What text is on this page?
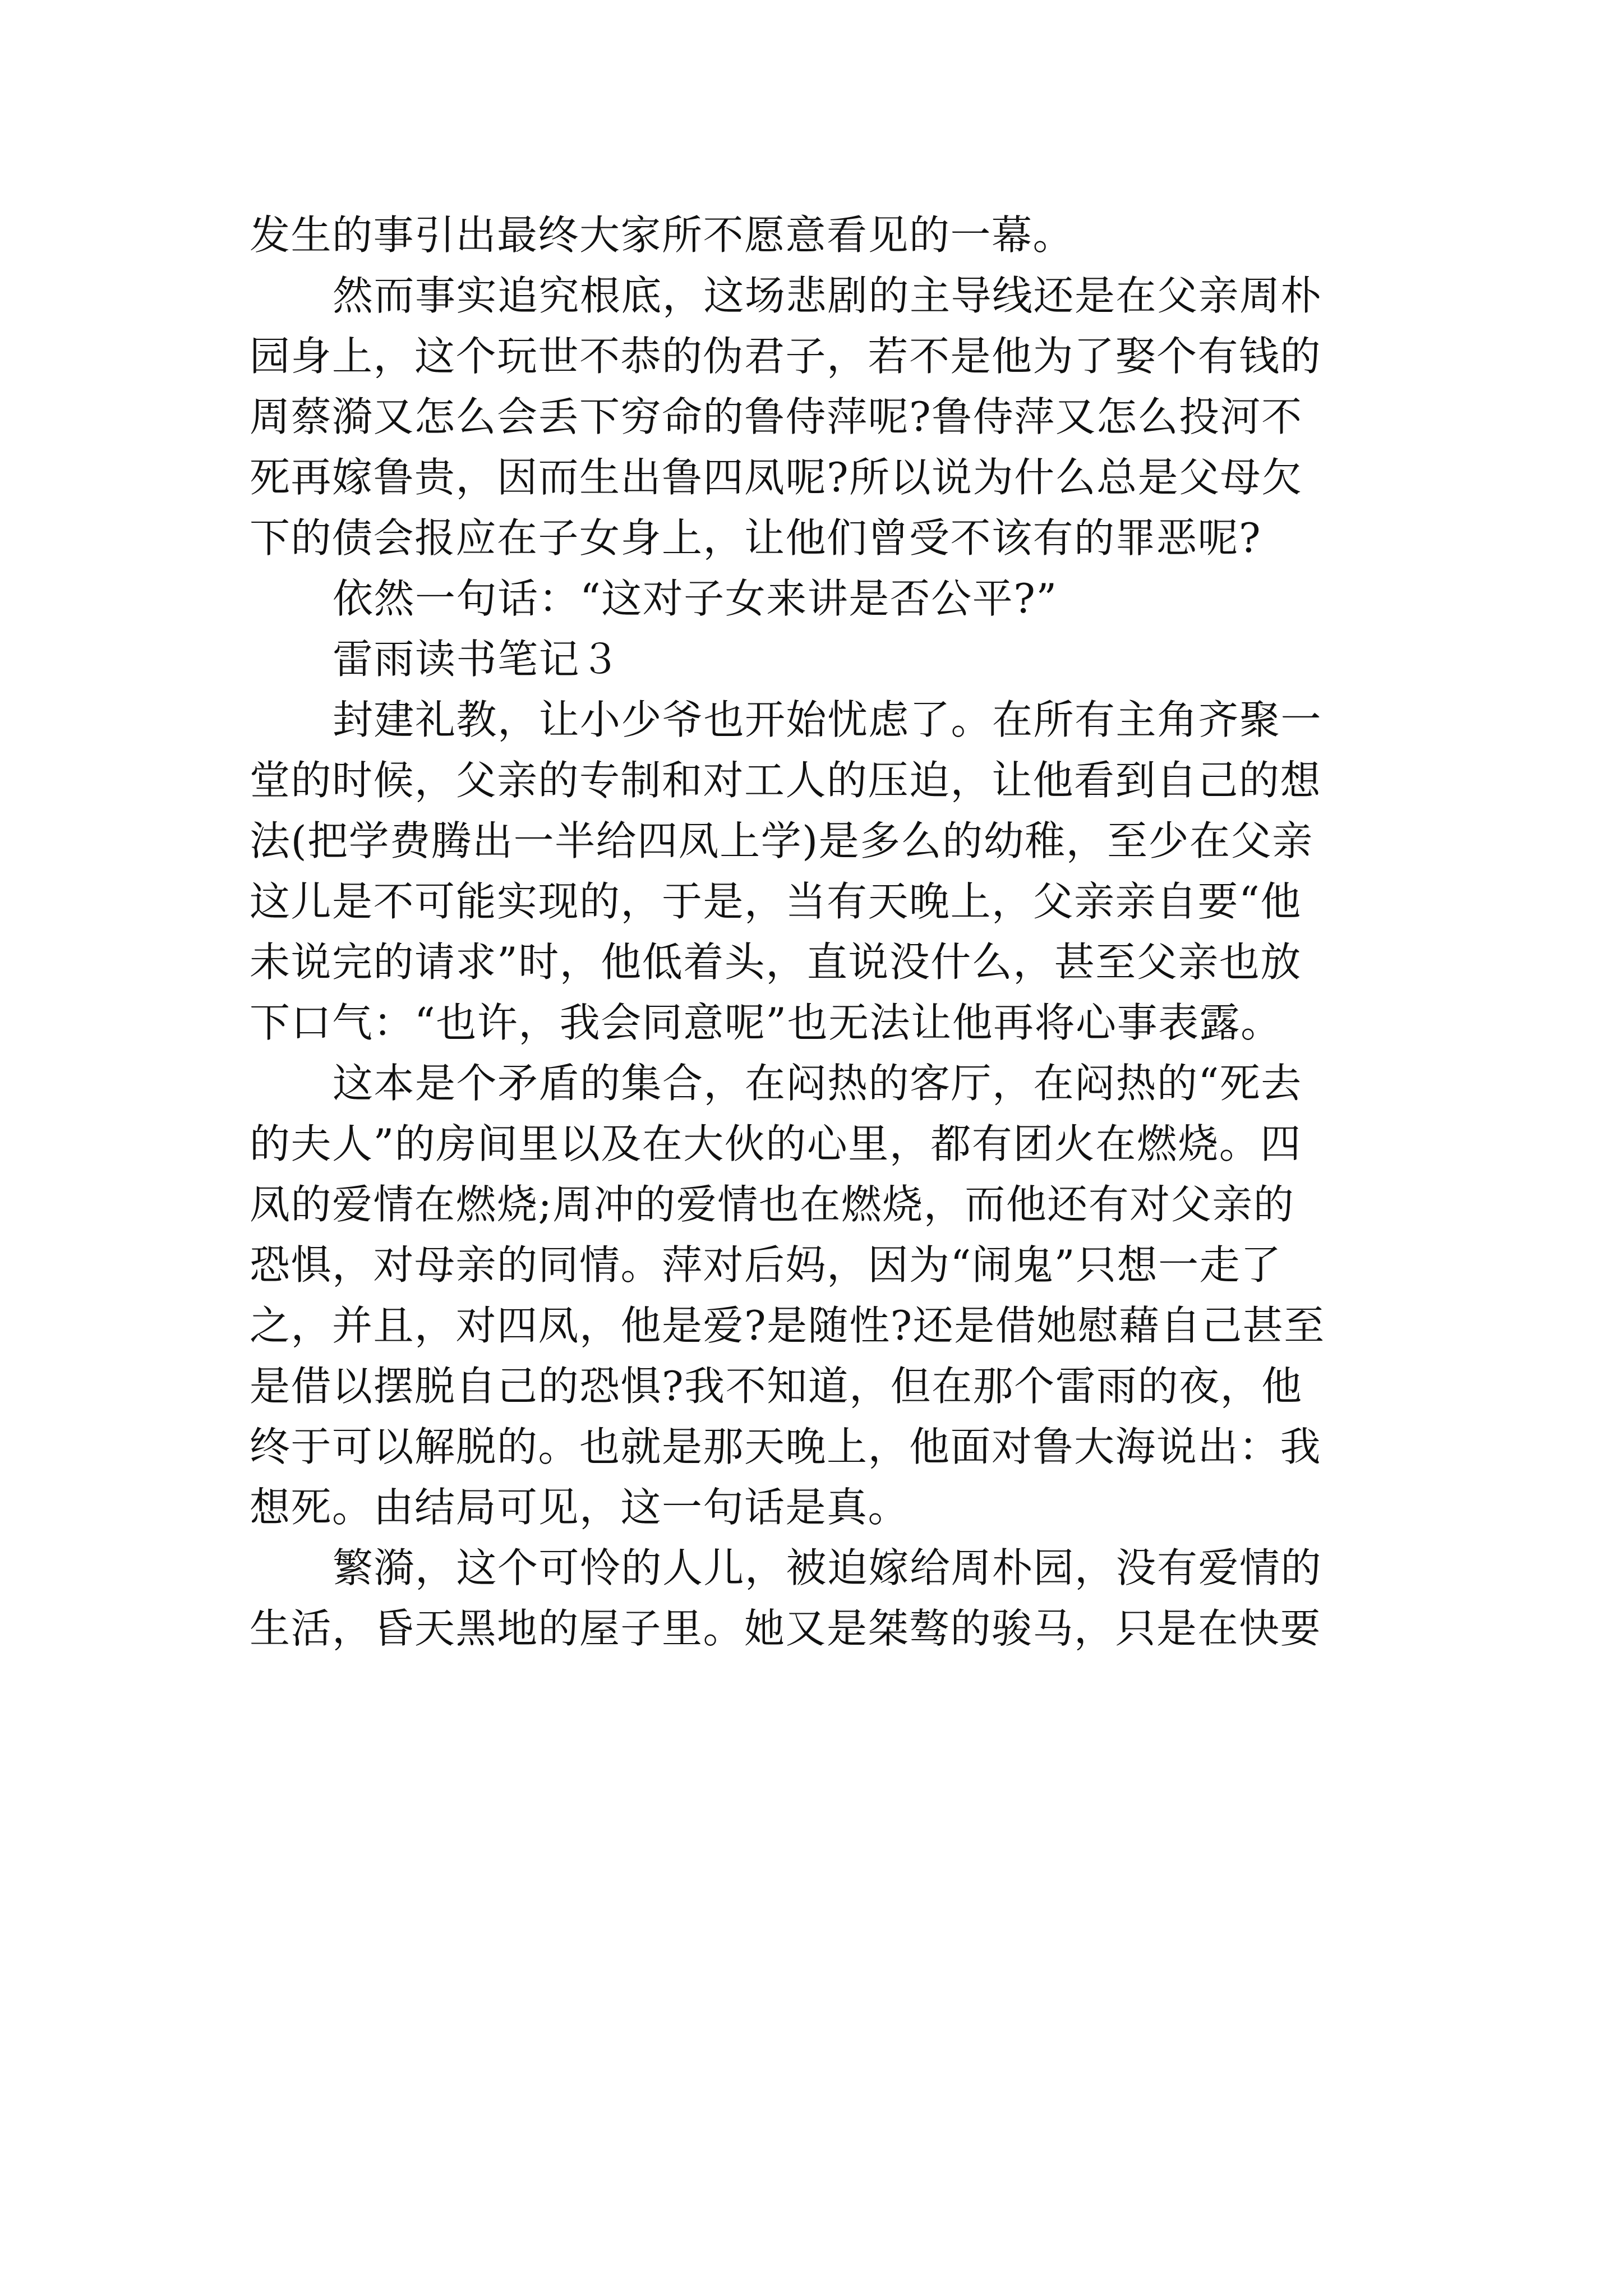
发生的事引出最终大家所不愿意看见的一幕。
然而事实追究根底，这场悲剧的主导线还是在父亲周朴
园身上，这个玩世不恭的伪君子，若不是他为了娶个有钱的
周蔡漪又怎么会丢下穷命的鲁侍萍呢?鲁侍萍又怎么投河不
死再嫁鲁贵，因而生出鲁四凤呢?所以说为什么总是父母欠
下的债会报应在子女身上，让他们曾受不该有的罪恶呢?
依然一句话：“这对子女来讲是否公平?”
雷雨读书笔记３
封建礼教，让小少爷也开始忧虑了。在所有主角齐聚一
堂的时候，父亲的专制和对工人的压迫，让他看到自己的想
法(把学费腾出一半给四凤上学)是多么的幼稚，至少在父亲
这儿是不可能实现的，于是，当有天晚上，父亲亲自要“他
未说完的请求”时，他低着头，直说没什么，甚至父亲也放
下口气：“也许，我会同意呢”也无法让他再将心事表露。
这本是个矛盾的集合，在闷热的客厅，在闷热的“死去
的夫人”的房间里以及在大伙的心里，都有团火在燃烧。四
凤的爱情在燃烧;周冲的爱情也在燃烧，而他还有对父亲的
恐惧，对母亲的同情。萍对后妈，因为“闹鬼”只想一走了
之，并且，对四凤，他是爱?是随性?还是借她慰藉自己甚至
是借以摆脱自己的恐惧?我不知道，但在那个雷雨的夜，他
终于可以解脱的。也就是那天晚上，他面对鲁大海说出：我
想死。由结局可见，这一句话是真。
繁漪，这个可怜的人儿，被迫嫁给周朴园，没有爱情的
生活，昏天黑地的屋子里。她又是桀骜的骏马，只是在快要
